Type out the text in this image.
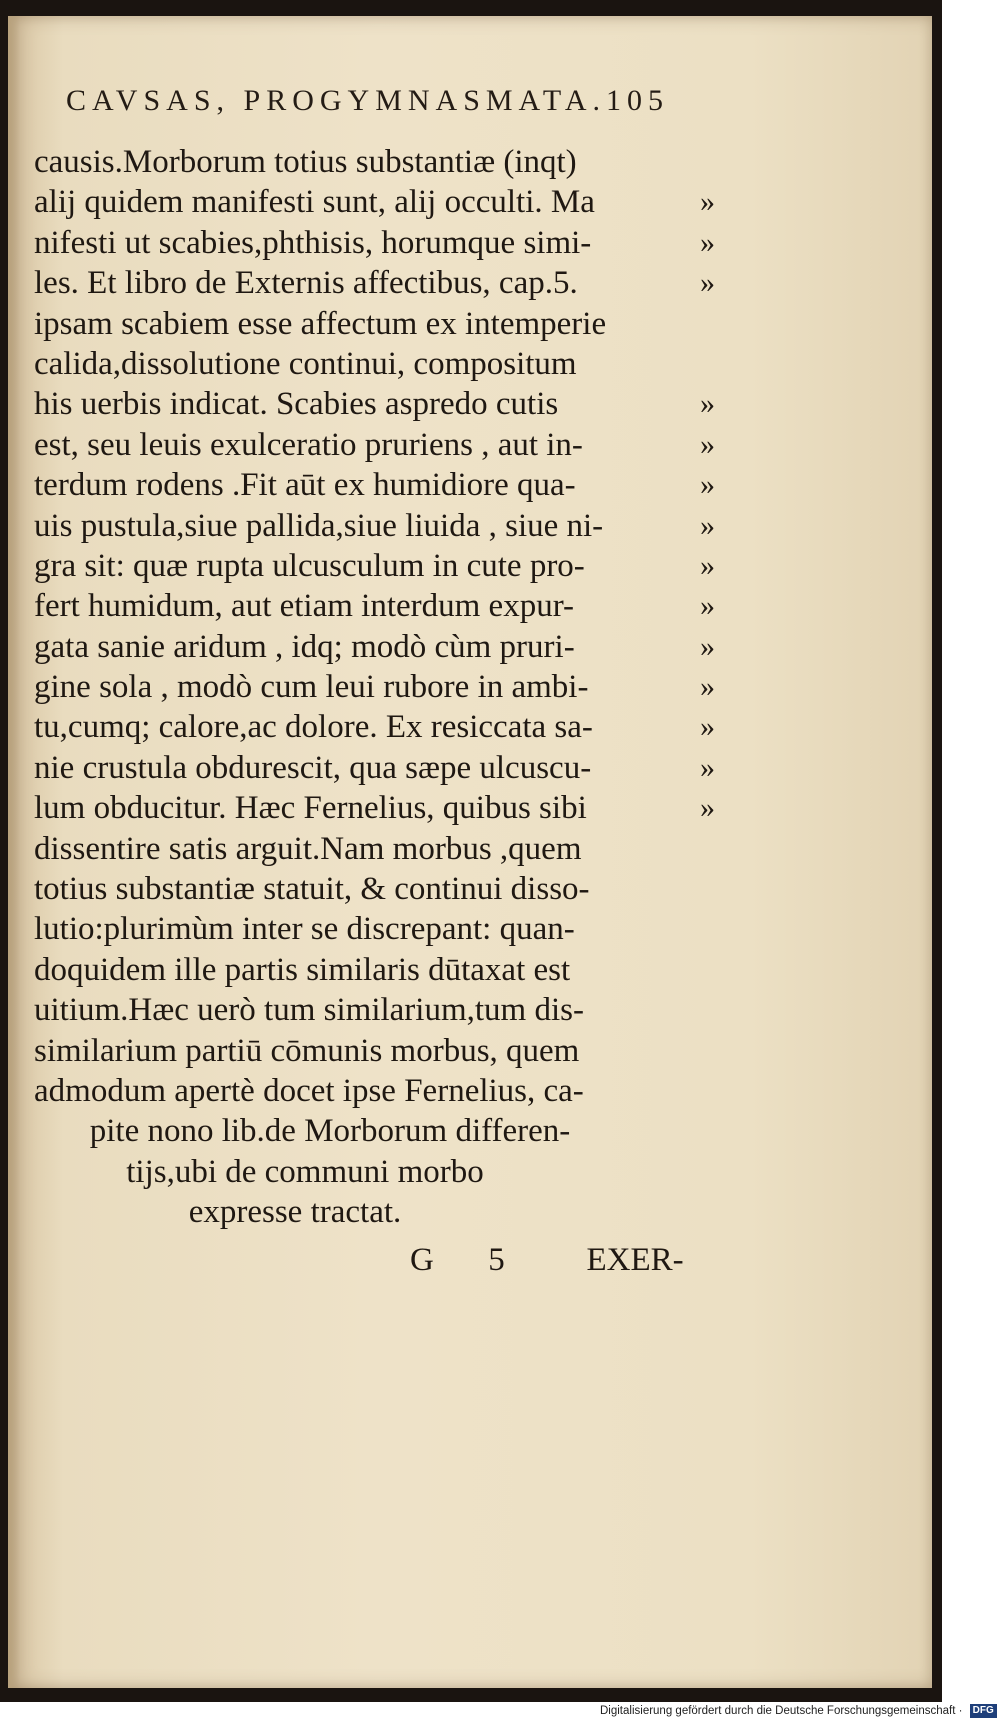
CAVSAS, PROGYMNASMATA.105
causis.Morborum totius substantiæ (inqt)
alij quidem manifesti sunt, alij occulti. Ma
nifesti ut scabies,phthisis, horumque simi-
les. Et libro de Externis affectibus, cap.5.
ipsam scabiem esse affectum ex intemperie
calida,dissolutione continui, compositum
his uerbis indicat. Scabies aspredo cutis
est, seu leuis exulceratio pruriens , aut in-
terdum rodens .Fit aūt ex humidiore qua-
uis pustula,siue pallida,siue liuida , siue ni-
gra sit: quæ rupta ulcusculum in cute pro-
fert humidum, aut etiam interdum expur-
gata sanie aridum , idq; modò cùm pruri-
gine sola , modò cum leui rubore in ambi-
tu,cumq; calore,ac dolore. Ex resiccata sa-
nie crustula obdurescit, qua sæpe ulcuscu-
lum obducitur. Hæc Fernelius, quibus sibi
dissentire satis arguit.Nam morbus ,quem
totius substantiæ statuit, & continui disso-
lutio:plurimùm inter se discrepant: quan-
doquidem ille partis similaris dūtaxat est
uitium.Hæc uerò tum similarium,tum dis-
similarium partiū cōmunis morbus, quem
admodum apertè docet ipse Fernelius, ca-
pite nono lib.de Morborum differen-
tijs,ubi de communi morbo
expresse tractat.
»
»
»
»
»
»
»
»
»
»
»
»
»
»
G 5 EXER-
Digitalisierung gefördert durch die Deutsche Forschungsgemeinschaft · DFG
